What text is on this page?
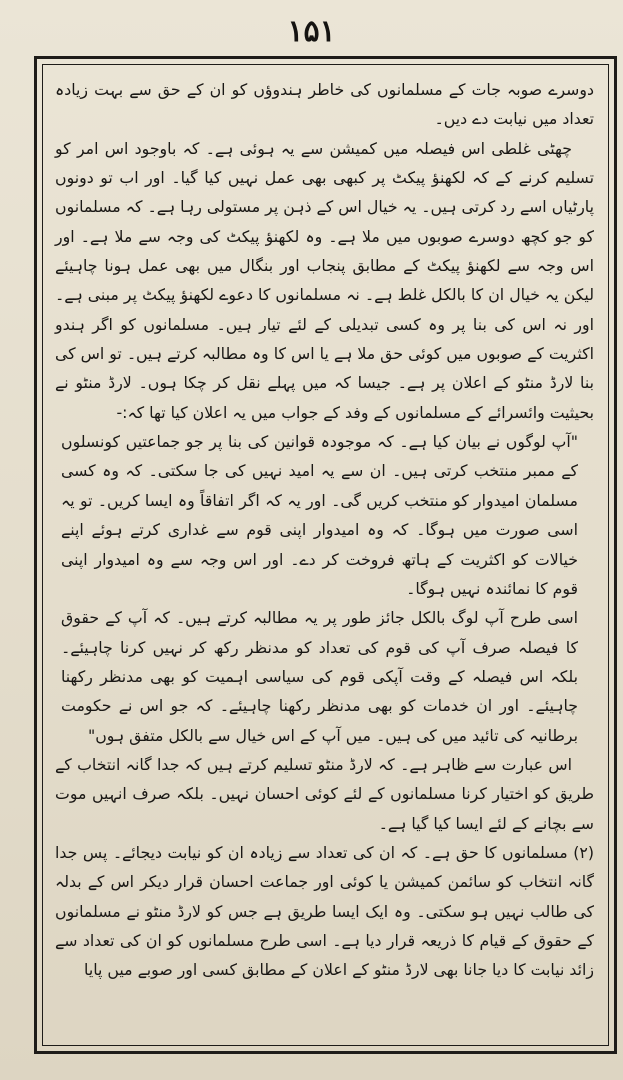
۱۵۱

دوسرے صوبہ جات کے مسلمانوں کی خاطر ہندوؤں کو ان کے حق سے بہت زیادہ تعداد میں نیابت دے دیں۔

چھٹی غلطی اس فیصلہ میں کمیشن سے یہ ہوئی ہے۔ کہ باوجود اس امر کو تسلیم کرنے کے کہ لکھنؤ پیکٹ پر کبھی بھی عمل نہیں کیا گیا۔ اور اب تو دونوں پارٹیاں اسے رد کرتی ہیں۔ یہ خیال اس کے ذہن پر مستولی رہا ہے۔ کہ مسلمانوں کو جو کچھ دوسرے صوبوں میں ملا ہے۔ وہ لکھنؤ پیکٹ کی وجہ سے ملا ہے۔ اور اس وجہ سے لکھنؤ پیکٹ کے مطابق پنجاب اور بنگال میں بھی عمل ہونا چاہیئے لیکن یہ خیال ان کا بالکل غلط ہے۔ نہ مسلمانوں کا دعوے لکھنؤ پیکٹ پر مبنی ہے۔ اور نہ اس کی بنا پر وہ کسی تبدیلی کے لئے تیار ہیں۔ مسلمانوں کو اگر ہندو اکثریت کے صوبوں میں کوئی حق ملا ہے یا اس کا وہ مطالبہ کرتے ہیں۔ تو اس کی بنا لارڈ منٹو کے اعلان پر ہے۔ جیسا کہ میں پہلے نقل کر چکا ہوں۔ لارڈ منٹو نے بحیثیت وائسرائے کے مسلمانوں کے وفد کے جواب میں یہ اعلان کیا تھا کہ:-

"آپ لوگوں نے بیان کیا ہے۔ کہ موجودہ قوانین کی بنا پر جو جماعتیں کونسلوں کے ممبر منتخب کرتی ہیں۔ ان سے یہ امید نہیں کی جا سکتی۔ کہ وہ کسی مسلمان امیدوار کو منتخب کریں گی۔ اور یہ کہ اگر اتفاقاً وہ ایسا کریں۔ تو یہ اسی صورت میں ہوگا۔ کہ وہ امیدوار اپنی قوم سے غداری کرتے ہوئے اپنے خیالات کو اکثریت کے ہاتھ فروخت کر دے۔ اور اس وجہ سے وہ امیدوار اپنی قوم کا نمائندہ نہیں ہوگا۔

اسی طرح آپ لوگ بالکل جائز طور پر یہ مطالبہ کرتے ہیں۔ کہ آپ کے حقوق کا فیصلہ صرف آپ کی قوم کی تعداد کو مدنظر رکھ کر نہیں کرنا چاہیئے۔ بلکہ اس فیصلہ کے وقت آپکی قوم کی سیاسی اہمیت کو بھی مدنظر رکھنا چاہیئے۔ اور ان خدمات کو بھی مدنظر رکھنا چاہیئے۔ کہ جو اس نے حکومت برطانیہ کی تائید میں کی ہیں۔ میں آپ کے اس خیال سے بالکل متفق ہوں"

اس عبارت سے ظاہر ہے۔ کہ لارڈ منٹو تسلیم کرتے ہیں کہ جدا گانہ انتخاب کے طریق کو اختیار کرنا مسلمانوں کے لئے کوئی احسان نہیں۔ بلکہ صرف انہیں موت سے بچانے کے لئے ایسا کیا گیا ہے۔

(۲) مسلمانوں کا حق ہے۔ کہ ان کی تعداد سے زیادہ ان کو نیابت دیجائے۔ پس جدا گانہ انتخاب کو سائمن کمیشن یا کوئی اور جماعت احسان قرار دیکر اس کے بدلہ کی طالب نہیں ہو سکتی۔ وہ ایک ایسا طریق ہے جس کو لارڈ منٹو نے مسلمانوں کے حقوق کے قیام کا ذریعہ قرار دیا ہے۔ اسی طرح مسلمانوں کو ان کی تعداد سے زائد نیابت کا دیا جانا بھی لارڈ منٹو کے اعلان کے مطابق کسی اور صوبے میں پایا
